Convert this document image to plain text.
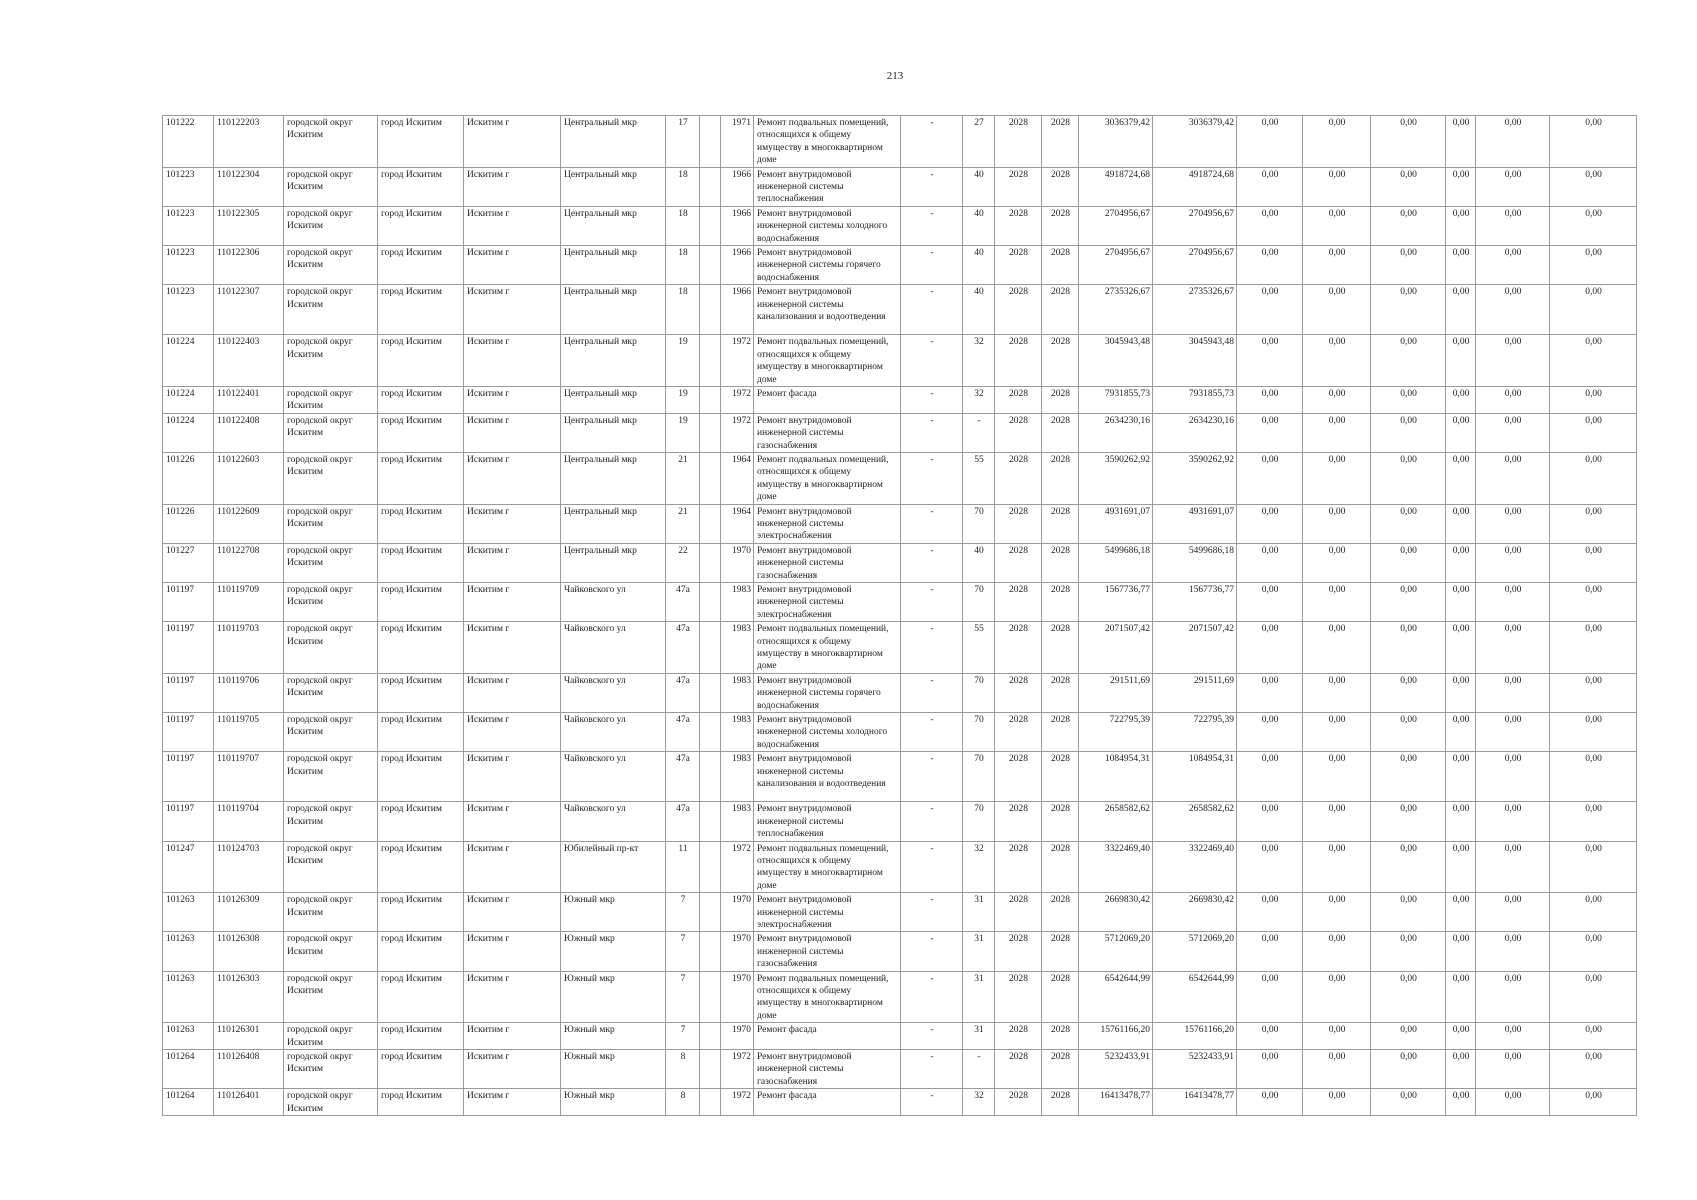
213
101222	110122203	городской округ Искитим	город Искитим	Искитим г	Центральный мкр	17		1971	Ремонт подвальных помещений, относящихся к общему имуществу в многоквартирном доме	-	27	2028	2028	3036379,42	3036379,42	0,00	0,00	0,00	0,00	0,00	0,00
101223	110122304	городской округ Искитим	город Искитим	Искитим г	Центральный мкр	18		1966	Ремонт внутридомовой инженерной системы теплоснабжения	-	40	2028	2028	4918724,68	4918724,68	0,00	0,00	0,00	0,00	0,00	0,00
101223	110122305	городской округ Искитим	город Искитим	Искитим г	Центральный мкр	18		1966	Ремонт внутридомовой инженерной системы холодного водоснабжения	-	40	2028	2028	2704956,67	2704956,67	0,00	0,00	0,00	0,00	0,00	0,00
101223	110122306	городской округ Искитим	город Искитим	Искитим г	Центральный мкр	18		1966	Ремонт внутридомовой инженерной системы горячего водоснабжения	-	40	2028	2028	2704956,67	2704956,67	0,00	0,00	0,00	0,00	0,00	0,00
101223	110122307	городской округ Искитим	город Искитим	Искитим г	Центральный мкр	18		1966	Ремонт внутридомовой инженерной системы канализования и водоотведения	-	40	2028	2028	2735326,67	2735326,67	0,00	0,00	0,00	0,00	0,00	0,00
101224	110122403	городской округ Искитим	город Искитим	Искитим г	Центральный мкр	19		1972	Ремонт подвальных помещений, относящихся к общему имуществу в многоквартирном доме	-	32	2028	2028	3045943,48	3045943,48	0,00	0,00	0,00	0,00	0,00	0,00
101224	110122401	городской округ Искитим	город Искитим	Искитим г	Центральный мкр	19		1972	Ремонт фасада	-	32	2028	2028	7931855,73	7931855,73	0,00	0,00	0,00	0,00	0,00	0,00
101224	110122408	городской округ Искитим	город Искитим	Искитим г	Центральный мкр	19		1972	Ремонт внутридомовой инженерной системы газоснабжения	-	-	2028	2028	2634230,16	2634230,16	0,00	0,00	0,00	0,00	0,00	0,00
101226	110122603	городской округ Искитим	город Искитим	Искитим г	Центральный мкр	21		1964	Ремонт подвальных помещений, относящихся к общему имуществу в многоквартирном доме	-	55	2028	2028	3590262,92	3590262,92	0,00	0,00	0,00	0,00	0,00	0,00
101226	110122609	городской округ Искитим	город Искитим	Искитим г	Центральный мкр	21		1964	Ремонт внутридомовой инженерной системы электроснабжения	-	70	2028	2028	4931691,07	4931691,07	0,00	0,00	0,00	0,00	0,00	0,00
101227	110122708	городской округ Искитим	город Искитим	Искитим г	Центральный мкр	22		1970	Ремонт внутридомовой инженерной системы газоснабжения	-	40	2028	2028	5499686,18	5499686,18	0,00	0,00	0,00	0,00	0,00	0,00
101197	110119709	городской округ Искитим	город Искитим	Искитим г	Чайковского ул	47а		1983	Ремонт внутридомовой инженерной системы электроснабжения	-	70	2028	2028	1567736,77	1567736,77	0,00	0,00	0,00	0,00	0,00	0,00
101197	110119703	городской округ Искитим	город Искитим	Искитим г	Чайковского ул	47а		1983	Ремонт подвальных помещений, относящихся к общему имуществу в многоквартирном доме	-	55	2028	2028	2071507,42	2071507,42	0,00	0,00	0,00	0,00	0,00	0,00
101197	110119706	городской округ Искитим	город Искитим	Искитим г	Чайковского ул	47а		1983	Ремонт внутридомовой инженерной системы горячего водоснабжения	-	70	2028	2028	291511,69	291511,69	0,00	0,00	0,00	0,00	0,00	0,00
101197	110119705	городской округ Искитим	город Искитим	Искитим г	Чайковского ул	47а		1983	Ремонт внутридомовой инженерной системы холодного водоснабжения	-	70	2028	2028	722795,39	722795,39	0,00	0,00	0,00	0,00	0,00	0,00
101197	110119707	городской округ Искитим	город Искитим	Искитим г	Чайковского ул	47а		1983	Ремонт внутридомовой инженерной системы канализования и водоотведения	-	70	2028	2028	1084954,31	1084954,31	0,00	0,00	0,00	0,00	0,00	0,00
101197	110119704	городской округ Искитим	город Искитим	Искитим г	Чайковского ул	47а		1983	Ремонт внутридомовой инженерной системы теплоснабжения	-	70	2028	2028	2658582,62	2658582,62	0,00	0,00	0,00	0,00	0,00	0,00
101247	110124703	городской округ Искитим	город Искитим	Искитим г	Юбилейный пр-кт	11		1972	Ремонт подвальных помещений, относящихся к общему имуществу в многоквартирном доме	-	32	2028	2028	3322469,40	3322469,40	0,00	0,00	0,00	0,00	0,00	0,00
101263	110126309	городской округ Искитим	город Искитим	Искитим г	Южный мкр	7		1970	Ремонт внутридомовой инженерной системы электроснабжения	-	31	2028	2028	2669830,42	2669830,42	0,00	0,00	0,00	0,00	0,00	0,00
101263	110126308	городской округ Искитим	город Искитим	Искитим г	Южный мкр	7		1970	Ремонт внутридомовой инженерной системы газоснабжения	-	31	2028	2028	5712069,20	5712069,20	0,00	0,00	0,00	0,00	0,00	0,00
101263	110126303	городской округ Искитим	город Искитим	Искитим г	Южный мкр	7		1970	Ремонт подвальных помещений, относящихся к общему имуществу в многоквартирном доме	-	31	2028	2028	6542644,99	6542644,99	0,00	0,00	0,00	0,00	0,00	0,00
101263	110126301	городской округ Искитим	город Искитим	Искитим г	Южный мкр	7		1970	Ремонт фасада	-	31	2028	2028	15761166,20	15761166,20	0,00	0,00	0,00	0,00	0,00	0,00
101264	110126408	городской округ Искитим	город Искитим	Искитим г	Южный мкр	8		1972	Ремонт внутридомовой инженерной системы газоснабжения	-	-	2028	2028	5232433,91	5232433,91	0,00	0,00	0,00	0,00	0,00	0,00
101264	110126401	городской округ Искитим	город Искитим	Искитим г	Южный мкр	8		1972	Ремонт фасада	-	32	2028	2028	16413478,77	16413478,77	0,00	0,00	0,00	0,00	0,00	0,00
